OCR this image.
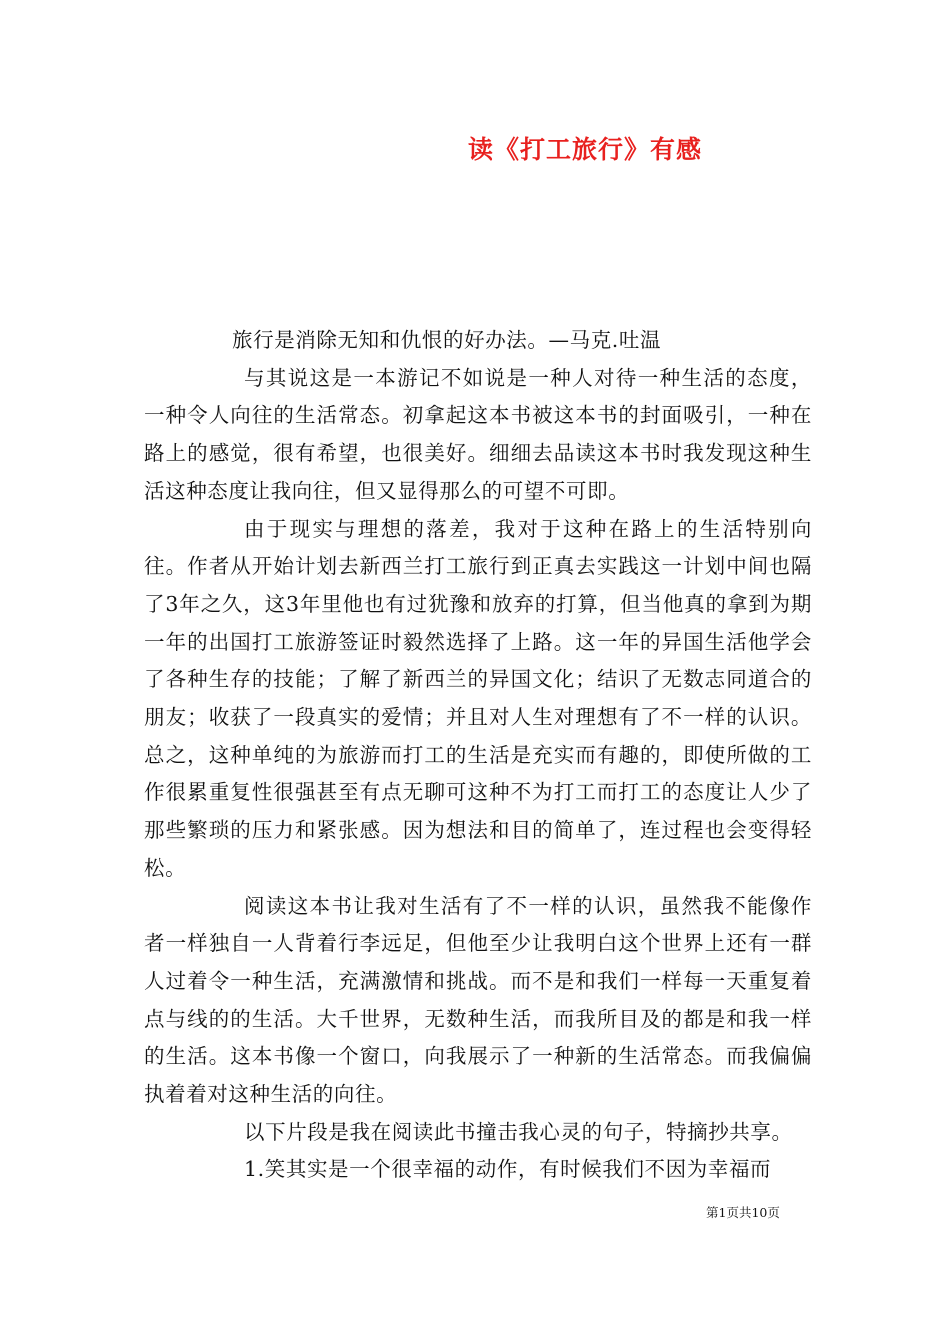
读《打工旅行》有感

旅行是消除无知和仇恨的好办法。—马克.吐温

与其说这是一本游记不如说是一种人对待一种生活的态度，一种令人向往的生活常态。初拿起这本书被这本书的封面吸引，一种在路上的感觉，很有希望，也很美好。细细去品读这本书时我发现这种生活这种态度让我向往，但又显得那么的可望不可即。

由于现实与理想的落差，我对于这种在路上的生活特别向往。作者从开始计划去新西兰打工旅行到正真去实践这一计划中间也隔了3年之久，这3年里他也有过犹豫和放弃的打算，但当他真的拿到为期一年的出国打工旅游签证时毅然选择了上路。这一年的异国生活他学会了各种生存的技能；了解了新西兰的异国文化；结识了无数志同道合的朋友；收获了一段真实的爱情；并且对人生对理想有了不一样的认识。总之，这种单纯的为旅游而打工的生活是充实而有趣的，即使所做的工作很累重复性很强甚至有点无聊可这种不为打工而打工的态度让人少了那些繁琐的压力和紧张感。因为想法和目的简单了，连过程也会变得轻松。

阅读这本书让我对生活有了不一样的认识，虽然我不能像作者一样独自一人背着行李远足，但他至少让我明白这个世界上还有一群人过着令一种生活，充满激情和挑战。而不是和我们一样每一天重复着点与线的的生活。大千世界，无数种生活，而我所目及的都是和我一样的生活。这本书像一个窗口，向我展示了一种新的生活常态。而我偏偏执着着对这种生活的向往。

以下片段是我在阅读此书撞击我心灵的句子，特摘抄共享。

1.笑其实是一个很幸福的动作，有时候我们不因为幸福而

第1页共10页
